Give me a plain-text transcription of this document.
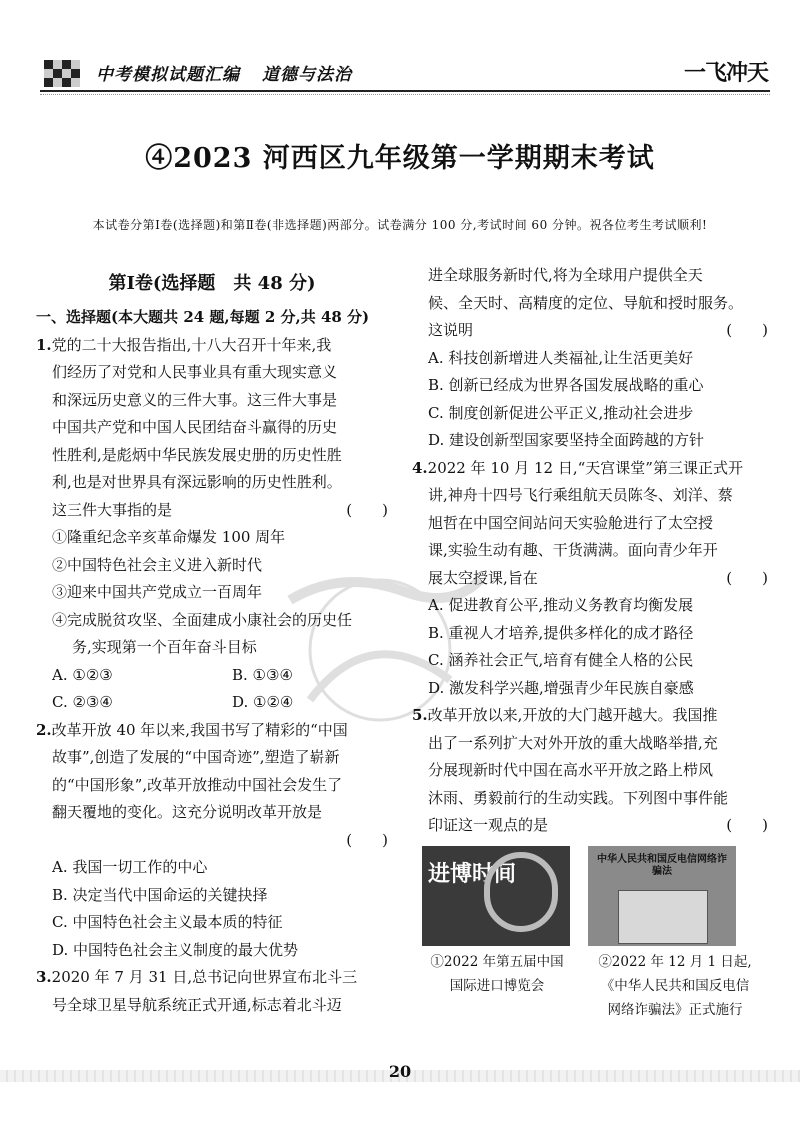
中考模拟试题汇编 道德与法治	一飞冲天
④2023 河西区九年级第一学期期末考试
本试卷分第Ⅰ卷(选择题)和第Ⅱ卷(非选择题)两部分。试卷满分 100 分,考试时间 60 分钟。祝各位考生考试顺利!
第Ⅰ卷(选择题　共 48 分)
一、选择题(本大题共 24 题,每题 2 分,共 48 分)
1.党的二十大报告指出,十八大召开十年来,我
们经历了对党和人民事业具有重大现实意义
和深远历史意义的三件大事。这三件大事是
中国共产党和中国人民团结奋斗赢得的历史
性胜利,是彪炳中华民族发展史册的历史性胜
利,也是对世界具有深远影响的历史性胜利。
这三件大事指的是	(　　)
①隆重纪念辛亥革命爆发 100 周年
②中国特色社会主义进入新时代
③迎来中国共产党成立一百周年
④完成脱贫攻坚、全面建成小康社会的历史任
务,实现第一个百年奋斗目标
A. ①②③	B. ①③④
C. ②③④	D. ①②④
2.改革开放 40 年以来,我国书写了精彩的“中国
故事”,创造了发展的“中国奇迹”,塑造了崭新
的“中国形象”,改革开放推动中国社会发生了
翻天覆地的变化。这充分说明改革开放是
(　　)
A. 我国一切工作的中心
B. 决定当代中国命运的关键抉择
C. 中国特色社会主义最本质的特征
D. 中国特色社会主义制度的最大优势
3.2020 年 7 月 31 日,总书记向世界宣布北斗三
号全球卫星导航系统正式开通,标志着北斗迈
进全球服务新时代,将为全球用户提供全天
候、全天时、高精度的定位、导航和授时服务。
这说明	(　　)
A. 科技创新增进人类福祉,让生活更美好
B. 创新已经成为世界各国发展战略的重心
C. 制度创新促进公平正义,推动社会进步
D. 建设创新型国家要坚持全面跨越的方针
4.2022 年 10 月 12 日,“天宫课堂”第三课正式开
讲,神舟十四号飞行乘组航天员陈冬、刘洋、蔡
旭哲在中国空间站问天实验舱进行了太空授
课,实验生动有趣、干货满满。面向青少年开
展太空授课,旨在	(　　)
A. 促进教育公平,推动义务教育均衡发展
B. 重视人才培养,提供多样化的成才路径
C. 涵养社会正气,培育有健全人格的公民
D. 激发科学兴趣,增强青少年民族自豪感
5.改革开放以来,开放的大门越开越大。我国推
出了一系列扩大对外开放的重大战略举措,充
分展现新时代中国在高水平开放之路上栉风
沐雨、勇毅前行的生动实践。下列图中事件能
印证这一观点的是	(　　)
进博时间
中华人民共和国反电信网络诈骗法
①2022 年第五届中国
国际进口博览会
②2022 年 12 月 1 日起,
《中华人民共和国反电信
网络诈骗法》正式施行
20
